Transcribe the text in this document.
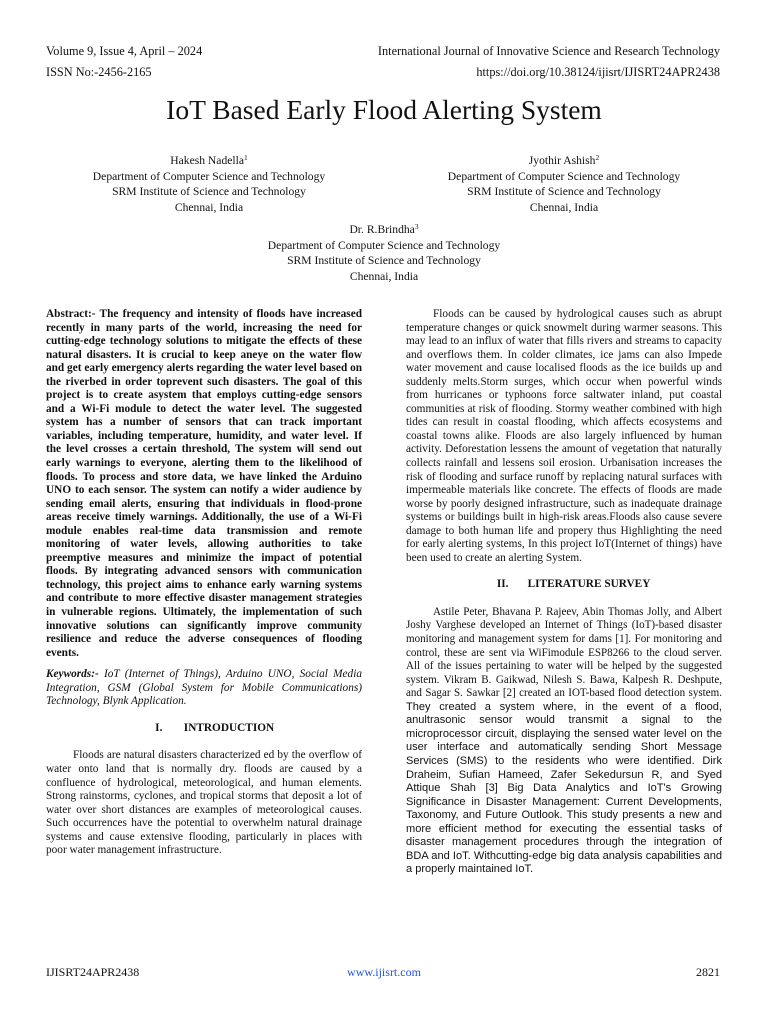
Volume 9, Issue 4, April – 2024	International Journal of Innovative Science and Research Technology
ISSN No:-2456-2165	https://doi.org/10.38124/ijisrt/IJISRT24APR2438
IoT Based Early Flood Alerting System
Hakesh Nadella$^1$
Department of Computer Science and Technology
SRM Institute of Science and Technology
Chennai, India
Jyothir Ashish$^2$
Department of Computer Science and Technology
SRM Institute of Science and Technology
Chennai, India
Dr. R.Brindha$^3$
Department of Computer Science and Technology
SRM Institute of Science and Technology
Chennai, India

Abstract:- The frequency and intensity of floods have increased recently in many parts of the world, increasing the need for cutting-edge technology solutions to mitigate the effects of these natural disasters. It is crucial to keep aneye on the water flow and get early emergency alerts regarding the water level based on the riverbed in order toprevent such disasters. The goal of this project is to create asystem that employs cutting-edge sensors and a Wi-Fi module to detect the water level. The suggested system has a number of sensors that can track important variables, including temperature, humidity, and water level. If the level crosses a certain threshold, The system will send out early warnings to everyone, alerting them to the likelihood of floods. To process and store data, we have linked the Arduino UNO to each sensor. The system can notify a wider audience by sending email alerts, ensuring that individuals in flood-prone areas receive timely warnings. Additionally, the use of a Wi-Fi module enables real-time data transmission and remote monitoring of water levels, allowing authorities to take preemptive measures and minimize the impact of potential floods. By integrating advanced sensors with communication technology, this project aims to enhance early warning systems and contribute to more effective disaster management strategies in vulnerable regions. Ultimately, the implementation of such innovative solutions can significantly improve community resilience and reduce the adverse consequences of flooding events.

Keywords:- IoT (Internet of Things), Arduino UNO, Social Media Integration, GSM (Global System for Mobile Communications) Technology, Blynk Application.

I. INTRODUCTION

Floods are natural disasters characterized ed by the overflow of water onto land that is normally dry. floods are caused by a confluence of hydrological, meteorological, and human elements. Strong rainstorms, cyclones, and tropical storms that deposit a lot of water over short distances are examples of meteorological causes. Such occurrences have the potential to overwhelm natural drainage systems and cause extensive flooding, particularly in places with poor water management infrastructure.

Floods can be caused by hydrological causes such as abrupt temperature changes or quick snowmelt during warmer seasons. This may lead to an influx of water that fills rivers and streams to capacity and overflows them. In colder climates, ice jams can also Impede water movement and cause localised floods as the ice builds up and suddenly melts.Storm surges, which occur when powerful winds from hurricanes or typhoons force saltwater inland, put coastal communities at risk of flooding. Stormy weather combined with high tides can result in coastal flooding, which affects ecosystems and coastal towns alike. Floods are also largely influenced by human activity. Deforestation lessens the amount of vegetation that naturally collects rainfall and lessens soil erosion. Urbanisation increases the risk of flooding and surface runoff by replacing natural surfaces with impermeable materials like concrete. The effects of floods are made worse by poorly designed infrastructure, such as inadequate drainage systems or buildings built in high-risk areas.Floods also cause severe damage to both human life and propery thus Highlighting the need for early alerting systems, In this project IoT(Internet of things) have been used to create an alerting System.

II. LITERATURE SURVEY

Astile Peter, Bhavana P. Rajeev, Abin Thomas Jolly, and Albert Joshy Varghese developed an Internet of Things (IoT)-based disaster monitoring and management system for dams [1]. For monitoring and control, these are sent via WiFimodule ESP8266 to the cloud server. All of the issues pertaining to water will be helped by the suggested system. Vikram B. Gaikwad, Nilesh S. Bawa, Kalpesh R. Deshpute, and Sagar S. Sawkar [2] created an IOT-based flood detection system. They created a system where, in the event of a flood, anultrasonic sensor would transmit a signal to the microprocessor circuit, displaying the sensed water level on the user interface and automatically sending Short Message Services (SMS) to the residents who were identified. Dirk Draheim, Sufian Hameed, Zafer Sekedursun R, and Syed Attique Shah [3] Big Data Analytics and IoT's Growing Significance in Disaster Management: Current Developments, Taxonomy, and Future Outlook. This study presents a new and more efficient method for executing the essential tasks of disaster management procedures through the integration of BDA and IoT. Withcutting-edge big data analysis capabilities and a properly maintained IoT.

IJISRT24APR2438	www.ijisrt.com	2821
